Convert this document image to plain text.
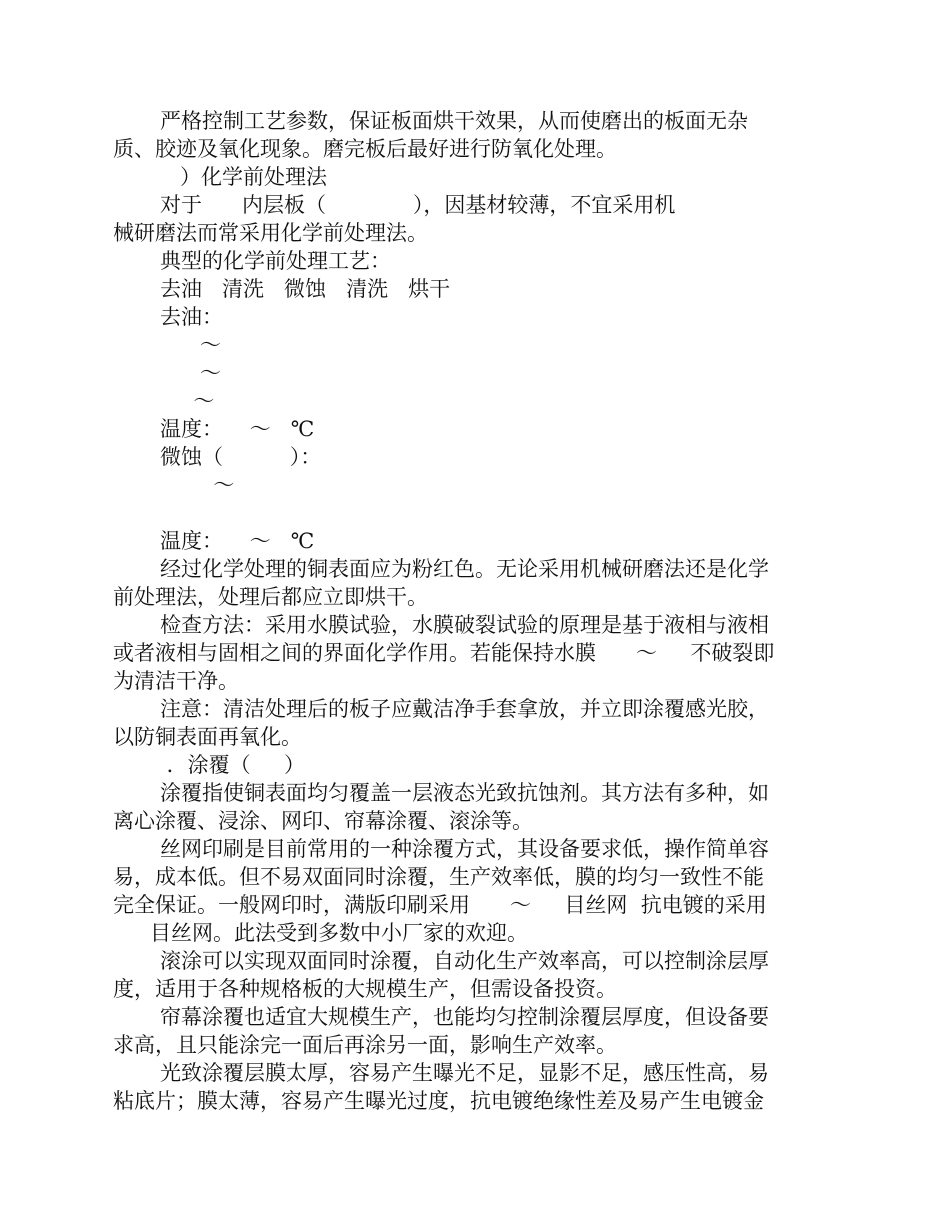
严格控制工艺参数，保证板面烘干效果，从而使磨出的板面无杂
质、胶迹及氧化现象。磨完板后最好进行防氧化处理。
）化学前处理法
对于      内层板（             ），因基材较薄，不宜采用机
械研磨法而常采用化学前处理法。
典型的化学前处理工艺：
去油   清洗   微蚀   清洗   烘干
去油：
～
～
～
温度：    ～   ℃
微蚀（          ）：
～
温度：    ～   ℃
经过化学处理的铜表面应为粉红色。无论采用机械研磨法还是化学
前处理法，处理后都应立即烘干。
检查方法：采用水膜试验，水膜破裂试验的原理是基于液相与液相
或者液相与固相之间的界面化学作用。若能保持水膜      ～     不破裂即
为清洁干净。
注意：清洁处理后的板子应戴洁净手套拿放，并立即涂覆感光胶，
以防铜表面再氧化。
．涂覆（     ）
涂覆指使铜表面均匀覆盖一层液态光致抗蚀剂。其方法有多种，如
离心涂覆、浸涂、网印、帘幕涂覆、滚涂等。
丝网印刷是目前常用的一种涂覆方式，其设备要求低，操作简单容
易，成本低。但不易双面同时涂覆，生产效率低，膜的均匀一致性不能
完全保证。一般网印时，满版印刷采用      ～     目丝网  抗电镀的采用
目丝网。此法受到多数中小厂家的欢迎。
滚涂可以实现双面同时涂覆，自动化生产效率高，可以控制涂层厚
度，适用于各种规格板的大规模生产，但需设备投资。
帘幕涂覆也适宜大规模生产，也能均匀控制涂覆层厚度，但设备要
求高，且只能涂完一面后再涂另一面，影响生产效率。
光致涂覆层膜太厚，容易产生曝光不足，显影不足，感压性高，易
粘底片；膜太薄，容易产生曝光过度，抗电镀绝缘性差及易产生电镀金
